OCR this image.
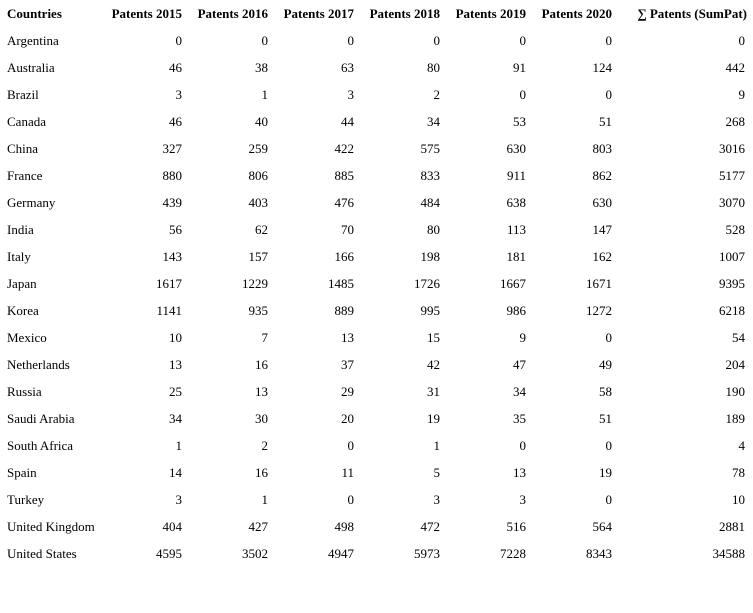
Countries	Patents 2015	Patents 2016	Patents 2017	Patents 2018	Patents 2019	Patents 2020	∑ Patents (SumPat)
Argentina	0	0	0	0	0	0	0
Australia	46	38	63	80	91	124	442
Brazil	3	1	3	2	0	0	9
Canada	46	40	44	34	53	51	268
China	327	259	422	575	630	803	3016
France	880	806	885	833	911	862	5177
Germany	439	403	476	484	638	630	3070
India	56	62	70	80	113	147	528
Italy	143	157	166	198	181	162	1007
Japan	1617	1229	1485	1726	1667	1671	9395
Korea	1141	935	889	995	986	1272	6218
Mexico	10	7	13	15	9	0	54
Netherlands	13	16	37	42	47	49	204
Russia	25	13	29	31	34	58	190
Saudi Arabia	34	30	20	19	35	51	189
South Africa	1	2	0	1	0	0	4
Spain	14	16	11	5	13	19	78
Turkey	3	1	0	3	3	0	10
United Kingdom	404	427	498	472	516	564	2881
United States	4595	3502	4947	5973	7228	8343	34588
